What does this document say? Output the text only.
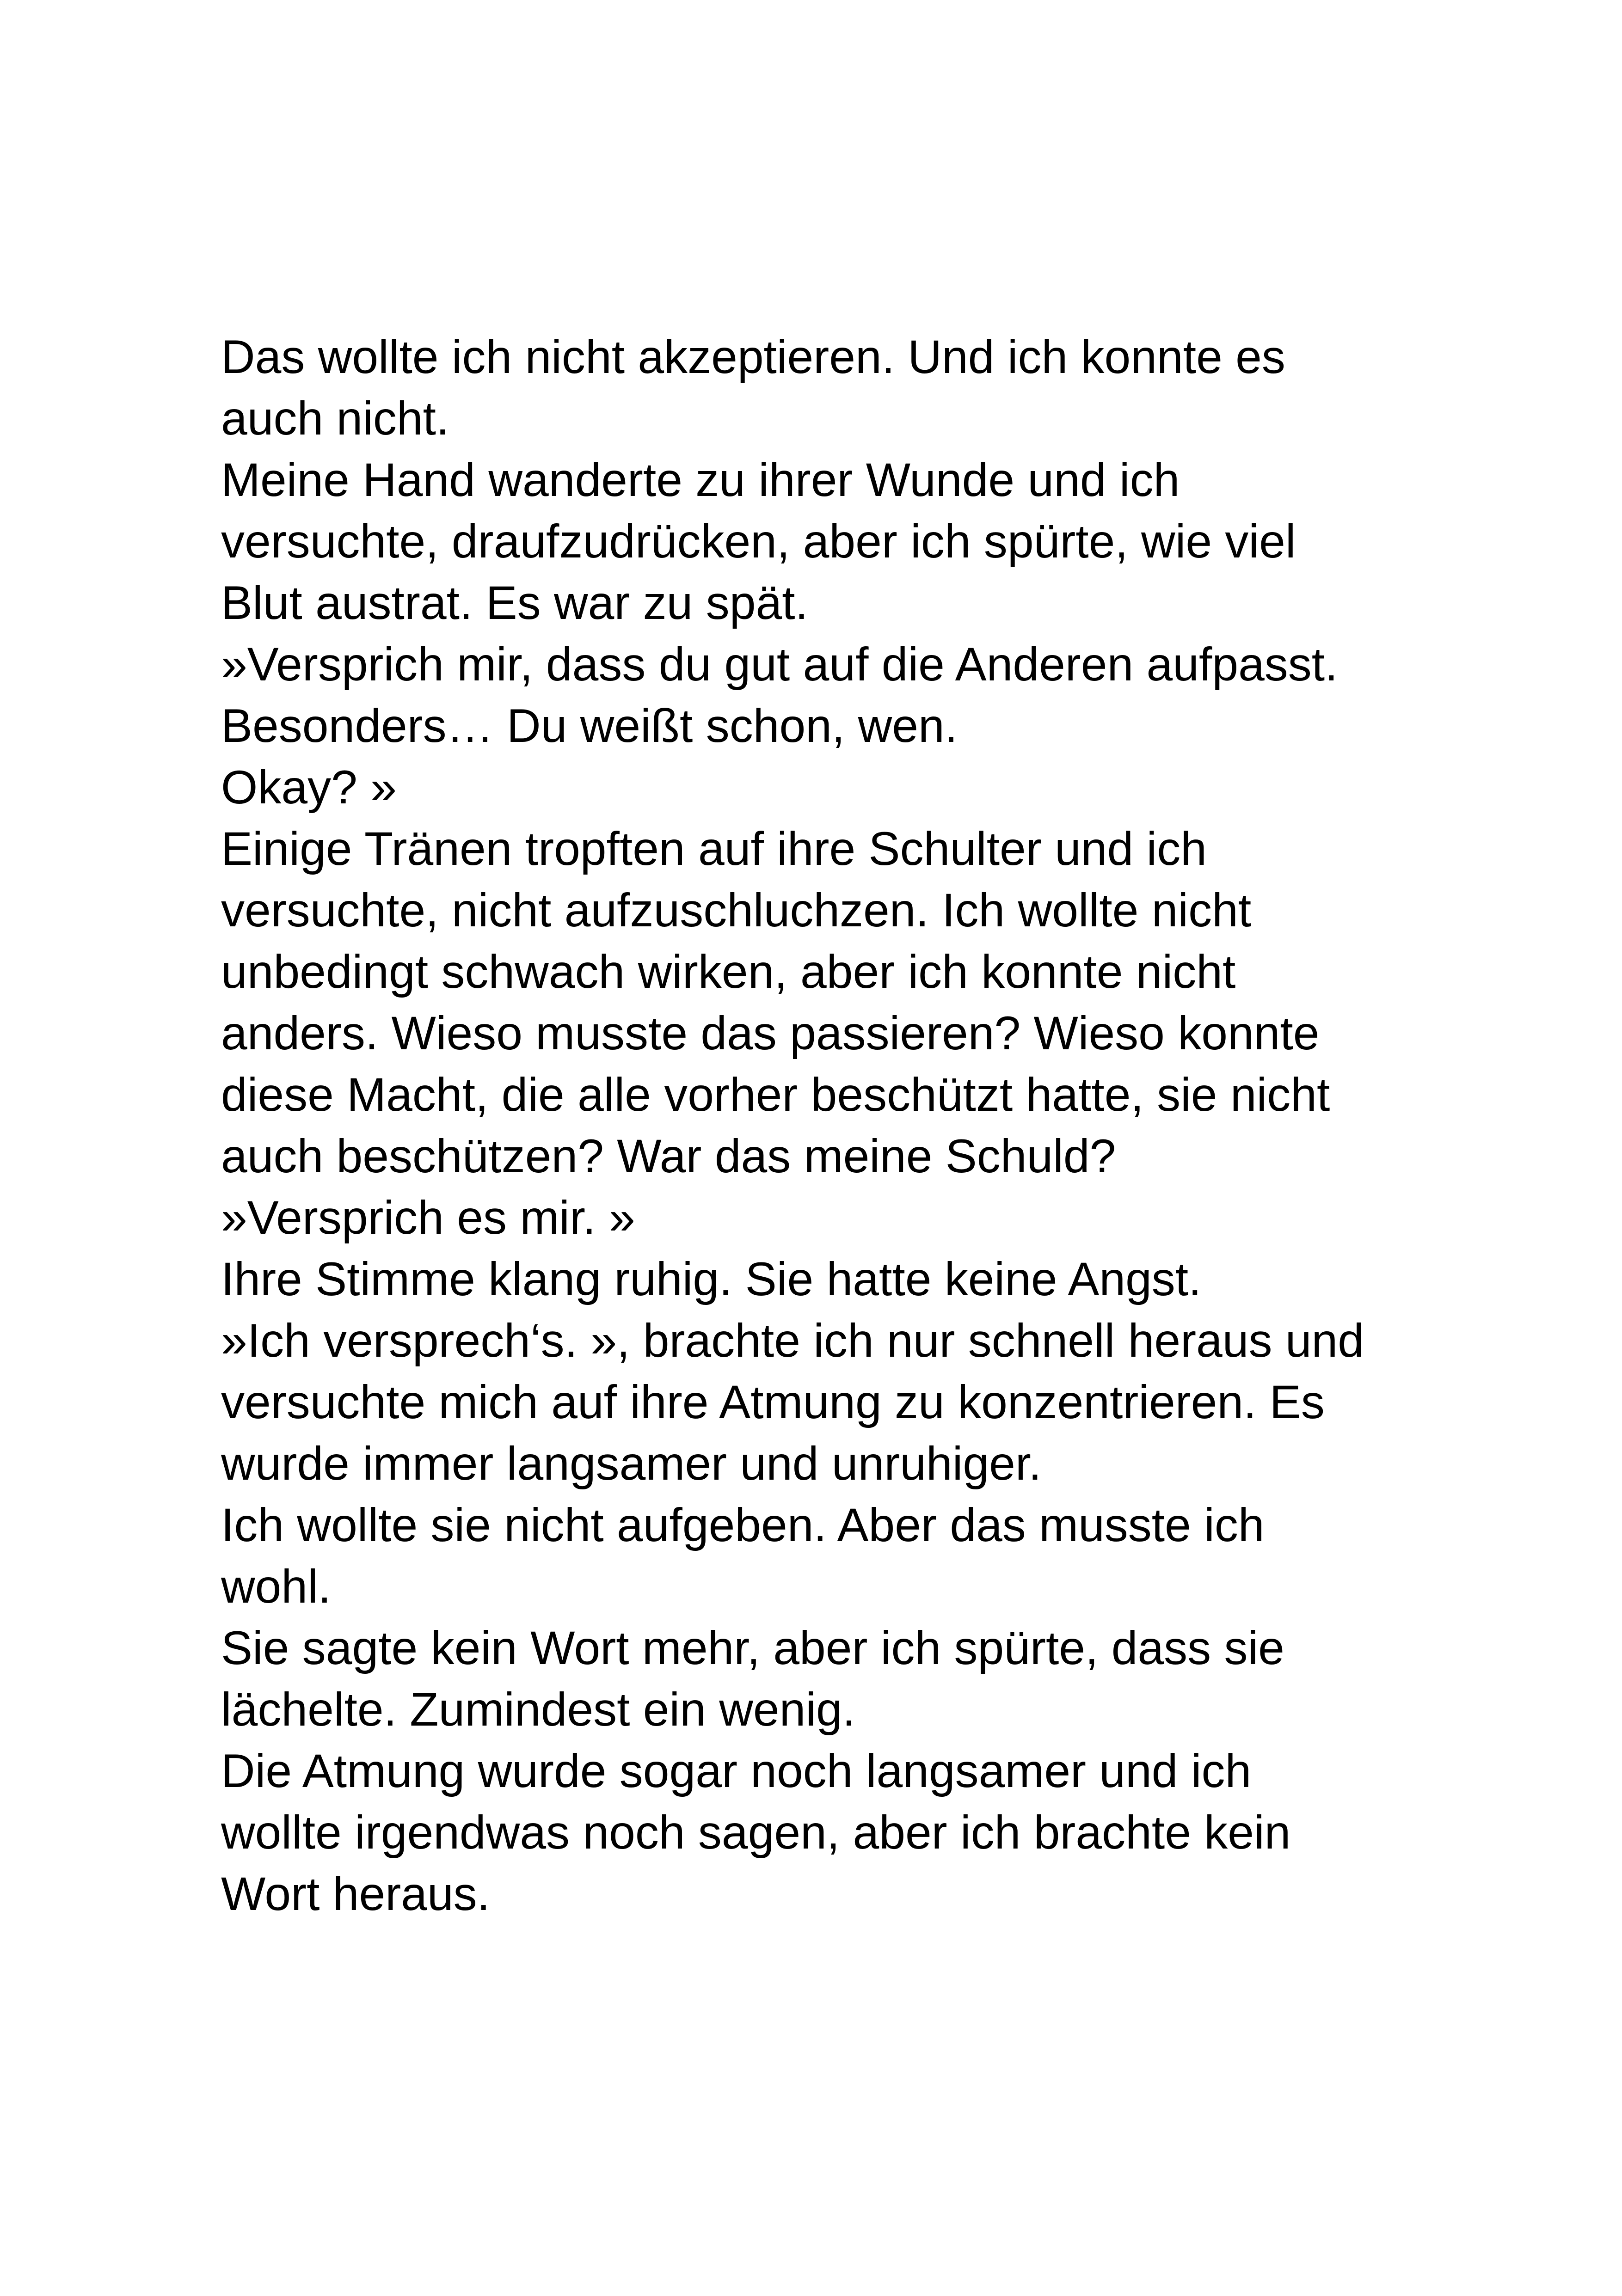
Das wollte ich nicht akzeptieren. Und ich konnte es
auch nicht.
Meine Hand wanderte zu ihrer Wunde und ich
versuchte, draufzudrücken, aber ich spürte, wie viel
Blut austrat. Es war zu spät.
»Versprich mir, dass du gut auf die Anderen aufpasst.
Besonders… Du weißt schon, wen.
Okay? »
Einige Tränen tropften auf ihre Schulter und ich
versuchte, nicht aufzuschluchzen. Ich wollte nicht
unbedingt schwach wirken, aber ich konnte nicht
anders. Wieso musste das passieren? Wieso konnte
diese Macht, die alle vorher beschützt hatte, sie nicht
auch beschützen? War das meine Schuld?
»Versprich es mir. »
Ihre Stimme klang ruhig. Sie hatte keine Angst.
»Ich versprech‘s. », brachte ich nur schnell heraus und
versuchte mich auf ihre Atmung zu konzentrieren. Es
wurde immer langsamer und unruhiger.
Ich wollte sie nicht aufgeben. Aber das musste ich
wohl.
Sie sagte kein Wort mehr, aber ich spürte, dass sie
lächelte. Zumindest ein wenig.
Die Atmung wurde sogar noch langsamer und ich
wollte irgendwas noch sagen, aber ich brachte kein
Wort heraus.
